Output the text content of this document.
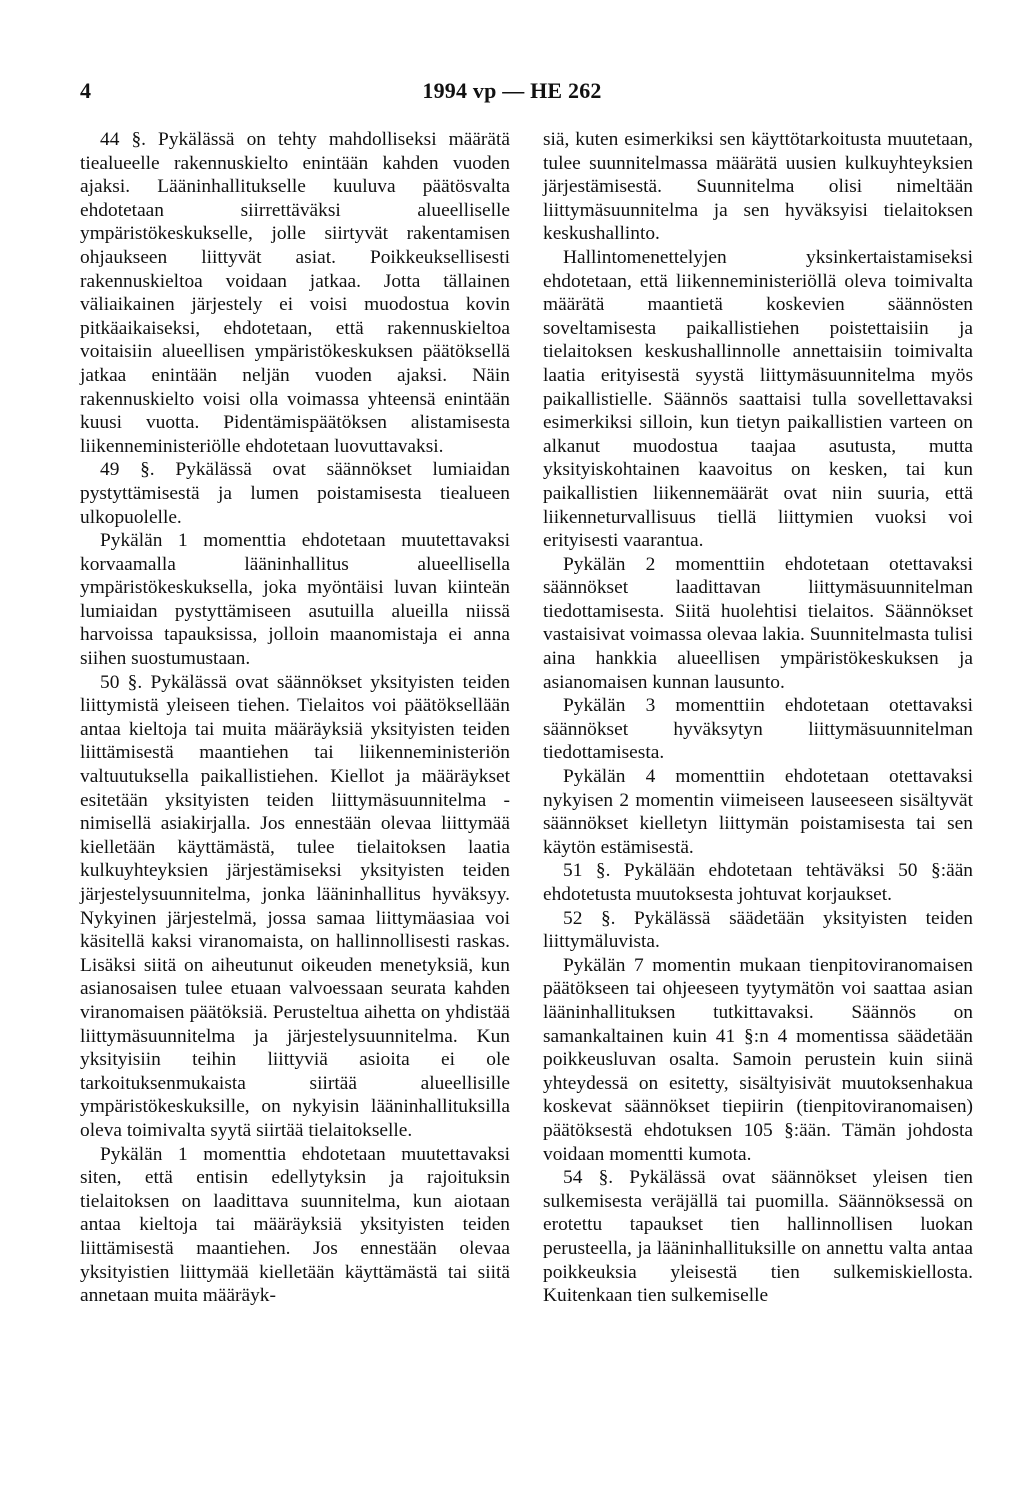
4	1994 vp — HE 262

44 §. Pykälässä on tehty mahdolliseksi määrätä tiealueelle rakennuskielto enintään kahden vuoden ajaksi. Lääninhallitukselle kuuluva päätösvalta ehdotetaan siirrettäväksi alueelliselle ympäristökeskukselle, jolle siirtyvät rakentamisen ohjaukseen liittyvät asiat. Poikkeuksellisesti rakennuskieltoa voidaan jatkaa. Jotta tällainen väliaikainen järjestely ei voisi muodostua kovin pitkäaikaiseksi, ehdotetaan, että rakennuskieltoa voitaisiin alueellisen ympäristökeskuksen päätöksellä jatkaa enintään neljän vuoden ajaksi. Näin rakennuskielto voisi olla voimassa yhteensä enintään kuusi vuotta. Pidentämispäätöksen alistamisesta liikenneministeriölle ehdotetaan luovuttavaksi.

49 §. Pykälässä ovat säännökset lumiaidan pystyttämisestä ja lumen poistamisesta tiealueen ulkopuolelle.

Pykälän 1 momenttia ehdotetaan muutettavaksi korvaamalla lääninhallitus alueellisella ympäristökeskuksella, joka myöntäisi luvan kiinteän lumiaidan pystyttämiseen asutuilla alueilla niissä harvoissa tapauksissa, jolloin maanomistaja ei anna siihen suostumustaan.

50 §. Pykälässä ovat säännökset yksityisten teiden liittymistä yleiseen tiehen. Tielaitos voi päätöksellään antaa kieltoja tai muita määräyksiä yksityisten teiden liittämisestä maantiehen tai liikenneministeriön valtuutuksella paikallistiehen. Kiellot ja määräykset esitetään yksityisten teiden liittymäsuunnitelma -nimisellä asiakirjalla. Jos ennestään olevaa liittymää kielletään käyttämästä, tulee tielaitoksen laatia kulkuyhteyksien järjestämiseksi yksityisten teiden järjestelysuunnitelma, jonka lääninhallitus hyväksyy. Nykyinen järjestelmä, jossa samaa liittymäasiaa voi käsitellä kaksi viranomaista, on hallinnollisesti raskas. Lisäksi siitä on aiheutunut oikeuden menetyksiä, kun asianosaisen tulee etuaan valvoessaan seurata kahden viranomaisen päätöksiä. Perusteltua aihetta on yhdistää liittymäsuunnitelma ja järjestelysuunnitelma. Kun yksityisiin teihin liittyviä asioita ei ole tarkoituksenmukaista siirtää alueellisille ympäristökeskuksille, on nykyisin lääninhallituksilla oleva toimivalta syytä siirtää tielaitokselle.

Pykälän 1 momenttia ehdotetaan muutettavaksi siten, että entisin edellytyksin ja rajoituksin tielaitoksen on laadittava suunnitelma, kun aiotaan antaa kieltoja tai määräyksiä yksityisten teiden liittämisestä maantiehen. Jos ennestään olevaa yksityistien liittymää kielletään käyttämästä tai siitä annetaan muita määräyk-

siä, kuten esimerkiksi sen käyttötarkoitusta muutetaan, tulee suunnitelmassa määrätä uusien kulkuyhteyksien järjestämisestä. Suunnitelma olisi nimeltään liittymäsuunnitelma ja sen hyväksyisi tielaitoksen keskushallinto.

Hallintomenettelyjen yksinkertaistamiseksi ehdotetaan, että liikenneministeriöllä oleva toimivalta määrätä maantietä koskevien säännösten soveltamisesta paikallistiehen poistettaisiin ja tielaitoksen keskushallinnolle annettaisiin toimivalta laatia erityisestä syystä liittymäsuunnitelma myös paikallistielle. Säännös saattaisi tulla sovellettavaksi esimerkiksi silloin, kun tietyn paikallistien varteen on alkanut muodostua taajaa asutusta, mutta yksityiskohtainen kaavoitus on kesken, tai kun paikallistien liikennemäärät ovat niin suuria, että liikenneturvallisuus tiellä liittymien vuoksi voi erityisesti vaarantua.

Pykälän 2 momenttiin ehdotetaan otettavaksi säännökset laadittavan liittymäsuunnitelman tiedottamisesta. Siitä huolehtisi tielaitos. Säännökset vastaisivat voimassa olevaa lakia. Suunnitelmasta tulisi aina hankkia alueellisen ympäristökeskuksen ja asianomaisen kunnan lausunto.

Pykälän 3 momenttiin ehdotetaan otettavaksi säännökset hyväksytyn liittymäsuunnitelman tiedottamisesta.

Pykälän 4 momenttiin ehdotetaan otettavaksi nykyisen 2 momentin viimeiseen lauseeseen sisältyvät säännökset kielletyn liittymän poistamisesta tai sen käytön estämisestä.

51 §. Pykälään ehdotetaan tehtäväksi 50 §:ään ehdotetusta muutoksesta johtuvat korjaukset.

52 §. Pykälässä säädetään yksityisten teiden liittymäluvista.

Pykälän 7 momentin mukaan tienpitoviranomaisen päätökseen tai ohjeeseen tyytymätön voi saattaa asian lääninhallituksen tutkittavaksi. Säännös on samankaltainen kuin 41 §:n 4 momentissa säädetään poikkeusluvan osalta. Samoin perustein kuin siinä yhteydessä on esitetty, sisältyisivät muutoksenhakua koskevat säännökset tiepiirin (tienpitoviranomaisen) päätöksestä ehdotuksen 105 §:ään. Tämän johdosta voidaan momentti kumota.

54 §. Pykälässä ovat säännökset yleisen tien sulkemisesta veräjällä tai puomilla. Säännöksessä on erotettu tapaukset tien hallinnollisen luokan perusteella, ja lääninhallituksille on annettu valta antaa poikkeuksia yleisestä tien sulkemiskiellosta. Kuitenkaan tien sulkemiselle
